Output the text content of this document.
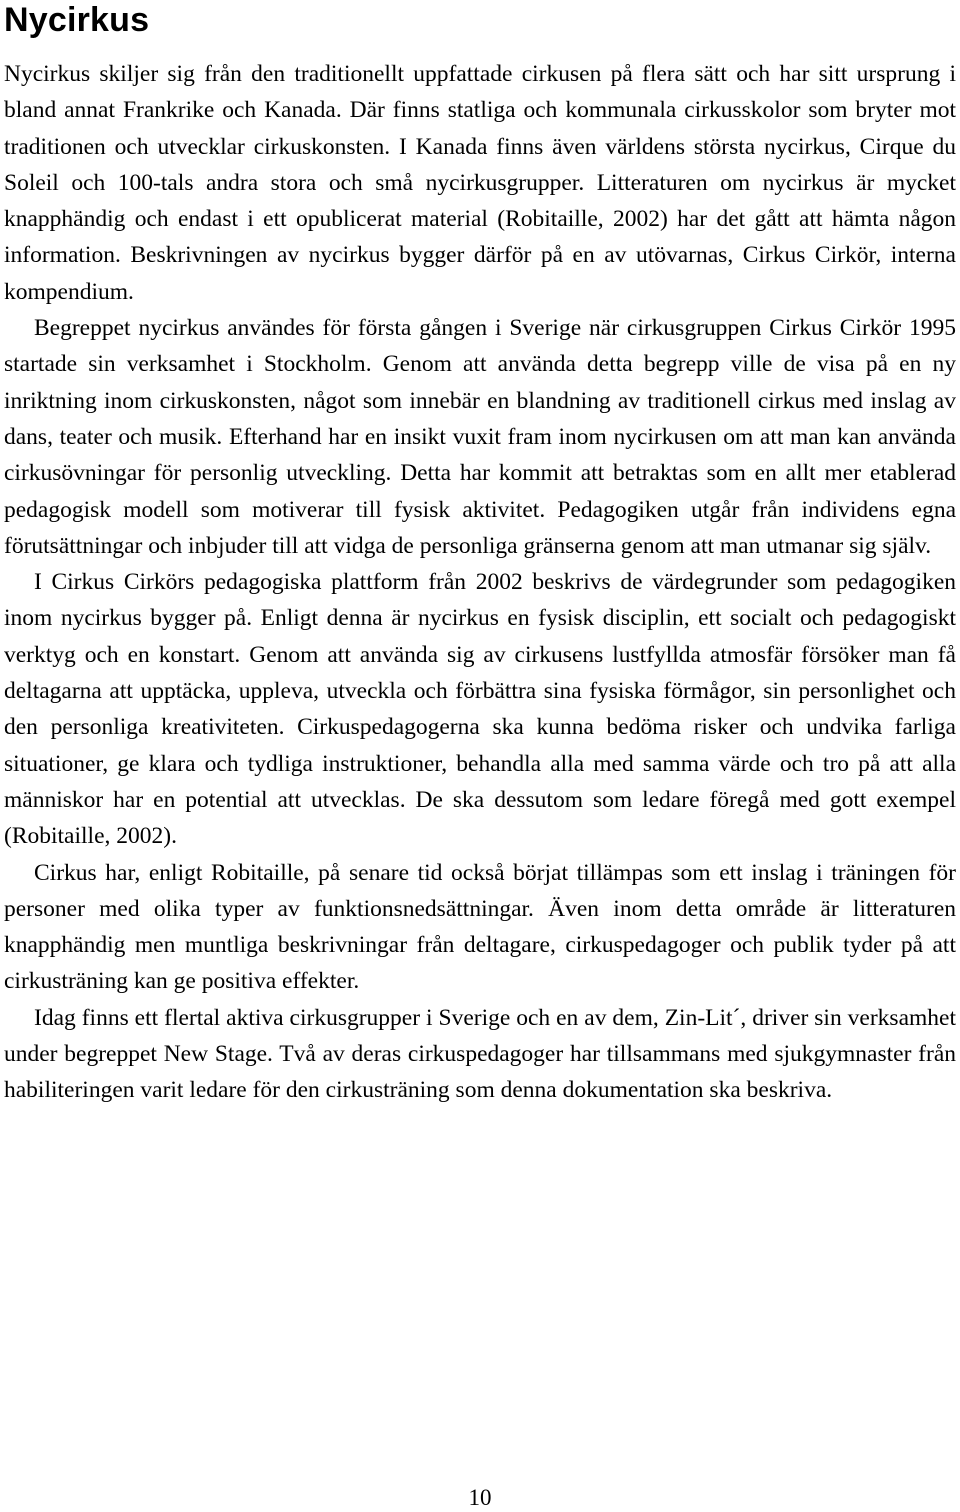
Nycirkus

Nycirkus skiljer sig från den traditionellt uppfattade cirkusen på flera sätt och har sitt ursprung i bland annat Frankrike och Kanada. Där finns statliga och kommunala cirkusskolor som bryter mot traditionen och utvecklar cirkuskonsten. I Kanada finns även världens största nycirkus, Cirque du Soleil och 100-tals andra stora och små nycirkusgrupper. Litteraturen om nycirkus är mycket knapphändig och endast i ett opublicerat material (Robitaille, 2002) har det gått att hämta någon information. Beskrivningen av nycirkus bygger därför på en av utövarnas, Cirkus Cirkör, interna kompendium.

Begreppet nycirkus användes för första gången i Sverige när cirkusgruppen Cirkus Cirkör 1995 startade sin verksamhet i Stockholm. Genom att använda detta begrepp ville de visa på en ny inriktning inom cirkuskonsten, något som innebär en blandning av traditionell cirkus med inslag av dans, teater och musik. Efterhand har en insikt vuxit fram inom nycirkusen om att man kan använda cirkusövningar för personlig utveckling. Detta har kommit att betraktas som en allt mer etablerad pedagogisk modell som motiverar till fysisk aktivitet. Pedagogiken utgår från individens egna förutsättningar och inbjuder till att vidga de personliga gränserna genom att man utmanar sig själv.

I Cirkus Cirkörs pedagogiska plattform från 2002 beskrivs de värdegrunder som pedagogiken inom nycirkus bygger på. Enligt denna är nycirkus en fysisk disciplin, ett socialt och pedagogiskt verktyg och en konstart. Genom att använda sig av cirkusens lustfyllda atmosfär försöker man få deltagarna att upptäcka, uppleva, utveckla och förbättra sina fysiska förmågor, sin personlighet och den personliga kreativiteten. Cirkuspedagogerna ska kunna bedöma risker och undvika farliga situationer, ge klara och tydliga instruktioner, behandla alla med samma värde och tro på att alla människor har en potential att utvecklas. De ska dessutom som ledare föregå med gott exempel (Robitaille, 2002).

Cirkus har, enligt Robitaille, på senare tid också börjat tillämpas som ett inslag i träningen för personer med olika typer av funktionsnedsättningar. Även inom detta område är litteraturen knapphändig men muntliga beskrivningar från deltagare, cirkuspedagoger och publik tyder på att cirkusträning kan ge positiva effekter.

Idag finns ett flertal aktiva cirkusgrupper i Sverige och en av dem, Zin-Lit´, driver sin verksamhet under begreppet New Stage. Två av deras cirkuspedagoger har tillsammans med sjukgymnaster från habiliteringen varit ledare för den cirkusträning som denna dokumentation ska beskriva.

10
